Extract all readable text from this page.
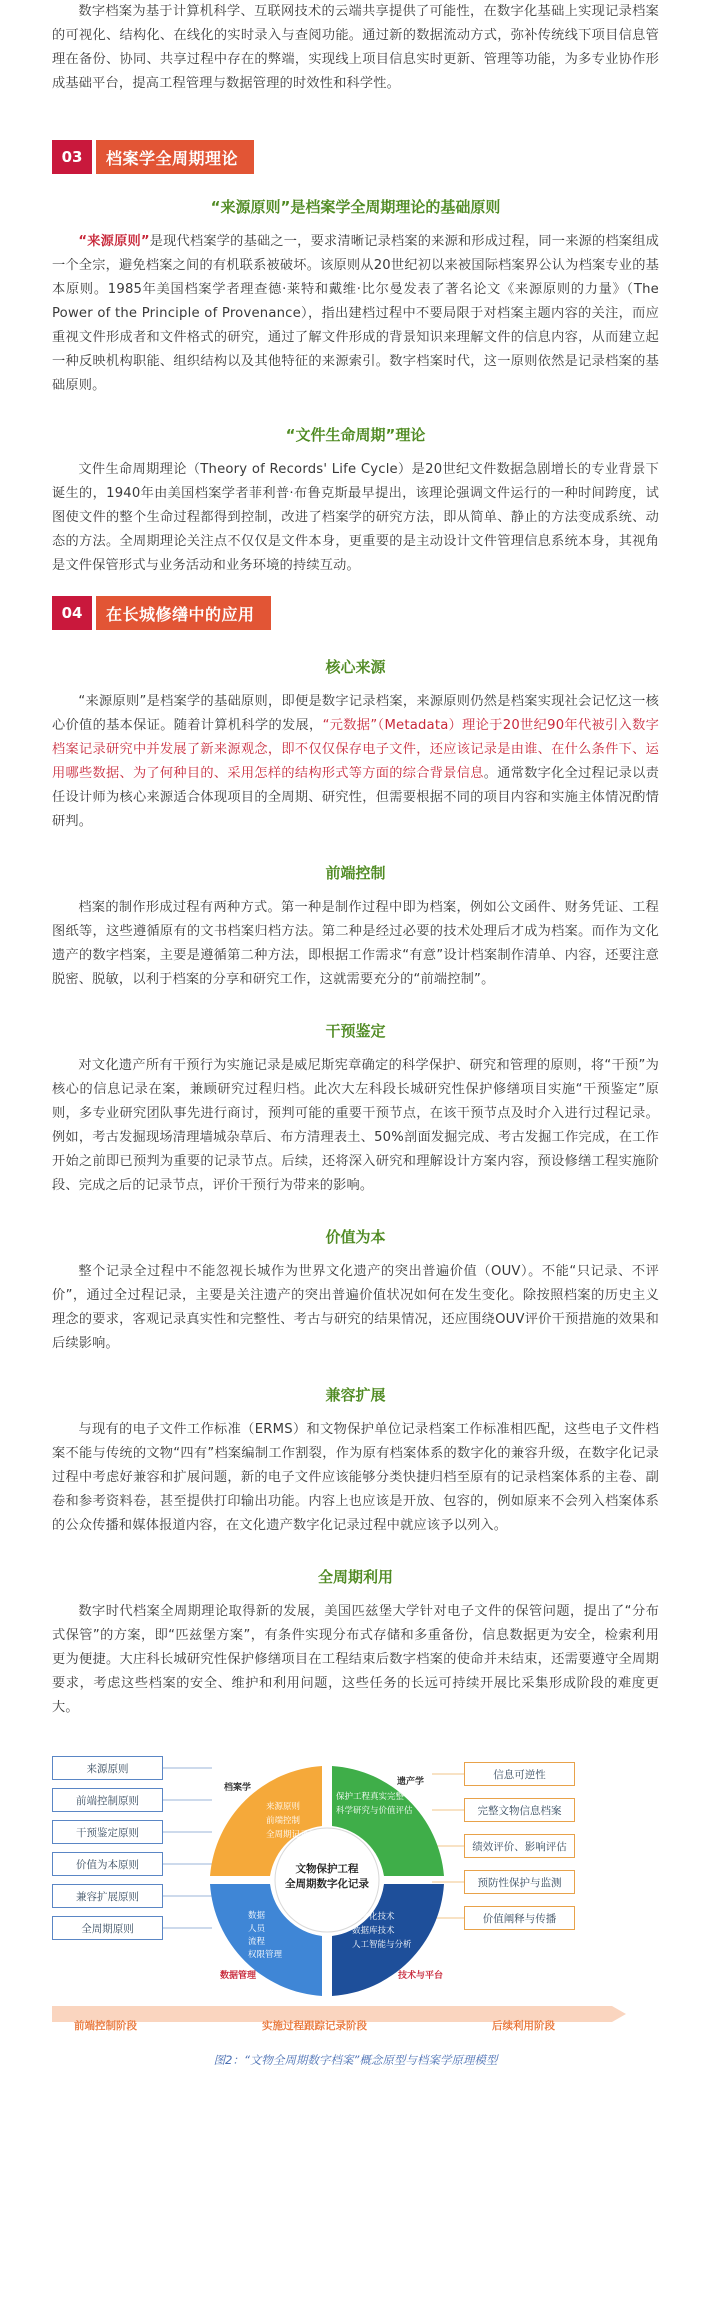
数字档案为基于计算机科学、互联网技术的云端共享提供了可能性，在数字化基础上实现记录档案的可视化、结构化、在线化的实时录入与查阅功能。通过新的数据流动方式，弥补传统线下项目信息管理在备份、协同、共享过程中存在的弊端，实现线上项目信息实时更新、管理等功能，为多专业协作形成基础平台，提高工程管理与数据管理的时效性和科学性。

03	档案学全周期理论
“来源原则”是档案学全周期理论的基础原则

“来源原则”是现代档案学的基础之一，要求清晰记录档案的来源和形成过程，同一来源的档案组成一个全宗，避免档案之间的有机联系被破坏。该原则从20世纪初以来被国际档案界公认为档案专业的基本原则。1985年美国档案学者理查德·莱特和戴维·比尔曼发表了著名论文《来源原则的力量》（The Power of the Principle of Provenance），指出建档过程中不要局限于对档案主题内容的关注，而应重视文件形成者和文件格式的研究，通过了解文件形成的背景知识来理解文件的信息内容，从而建立起一种反映机构职能、组织结构以及其他特征的来源索引。数字档案时代，这一原则依然是记录档案的基础原则。

“文件生命周期”理论

文件生命周期理论（Theory of Records' Life Cycle）是20世纪文件数据急剧增长的专业背景下诞生的，1940年由美国档案学者菲利普·布鲁克斯最早提出，该理论强调文件运行的一种时间跨度，试图使文件的整个生命过程都得到控制，改进了档案学的研究方法，即从简单、静止的方法变成系统、动态的方法。全周期理论关注点不仅仅是文件本身，更重要的是主动设计文件管理信息系统本身，其视角是文件保管形式与业务活动和业务环境的持续互动。

04	在长城修缮中的应用
核心来源

“来源原则”是档案学的基础原则，即便是数字记录档案，来源原则仍然是档案实现社会记忆这一核心价值的基本保证。随着计算机科学的发展，“元数据”（Metadata）理论于20世纪90年代被引入数字档案记录研究中并发展了新来源观念，即不仅仅保存电子文件，还应该记录是由谁、在什么条件下、运用哪些数据、为了何种目的、采用怎样的结构形式等方面的综合背景信息。通常数字化全过程记录以责任设计师为核心来源适合体现项目的全周期、研究性，但需要根据不同的项目内容和实施主体情况酌情研判。

前端控制

档案的制作形成过程有两种方式。第一种是制作过程中即为档案，例如公文函件、财务凭证、工程图纸等，这些遵循原有的文书档案归档方法。第二种是经过必要的技术处理后才成为档案。而作为文化遗产的数字档案，主要是遵循第二种方法，即根据工作需求“有意”设计档案制作清单、内容，还要注意脱密、脱敏，以利于档案的分享和研究工作，这就需要充分的“前端控制”。

干预鉴定

对文化遗产所有干预行为实施记录是威尼斯宪章确定的科学保护、研究和管理的原则，将“干预”为核心的信息记录在案，兼顾研究过程归档。此次大左科段长城研究性保护修缮项目实施“干预鉴定”原则，多专业研究团队事先进行商讨，预判可能的重要干预节点，在该干预节点及时介入进行过程记录。例如，考古发掘现场清理墙城杂草后、布方清理表土、50%剖面发掘完成、考古发掘工作完成，在工作开始之前即已预判为重要的记录节点。后续，还将深入研究和理解设计方案内容，预设修缮工程实施阶段、完成之后的记录节点，评价干预行为带来的影响。

价值为本

整个记录全过程中不能忽视长城作为世界文化遗产的突出普遍价值（OUV）。不能“只记录、不评价”，通过全过程记录，主要是关注遗产的突出普遍价值状况如何在发生变化。除按照档案的历史主义理念的要求，客观记录真实性和完整性、考古与研究的结果情况，还应围绕OUV评价干预措施的效果和后续影响。

兼容扩展

与现有的电子文件工作标准（ERMS）和文物保护单位记录档案工作标准相匹配，这些电子文件档案不能与传统的文物“四有”档案编制工作割裂，作为原有档案体系的数字化的兼容升级，在数字化记录过程中考虑好兼容和扩展问题，新的电子文件应该能够分类快捷归档至原有的记录档案体系的主卷、副卷和参考资料卷，甚至提供打印输出功能。内容上也应该是开放、包容的，例如原来不会列入档案体系的公众传播和媒体报道内容，在文化遗产数字化记录过程中就应该予以列入。

全周期利用

数字时代档案全周期理论取得新的发展，美国匹兹堡大学针对电子文件的保管问题，提出了“分布式保管”的方案，即“匹兹堡方案”，有条件实现分布式存储和多重备份，信息数据更为安全，检索利用更为便捷。大庄科长城研究性保护修缮项目在工程结束后数字档案的使命并未结束，还需要遵守全周期要求，考虑这些档案的安全、维护和利用问题，这些任务的长远可持续开展比采集形成阶段的难度更大。

来源原则
前端控制原则
干预鉴定原则
价值为本原则
兼容扩展原则
全周期原则
信息可逆性
完整文物信息档案
绩效评价、影响评估
预防性保护与监测
价值阐释与传播
文物保护工程
全周期数字化记录
档案学
遗产学
数据管理	技术与平台
来源原则
前端控制
全周期记录与管理
保护工程真实完整
科学研究与价值评估
数据
人员
流程
权限管理
数字化技术
数据库技术
人工智能与分析
前端控制阶段	实施过程跟踪记录阶段	后续利用阶段
图2：“文物全周期数字档案”概念原型与档案学原理模型
